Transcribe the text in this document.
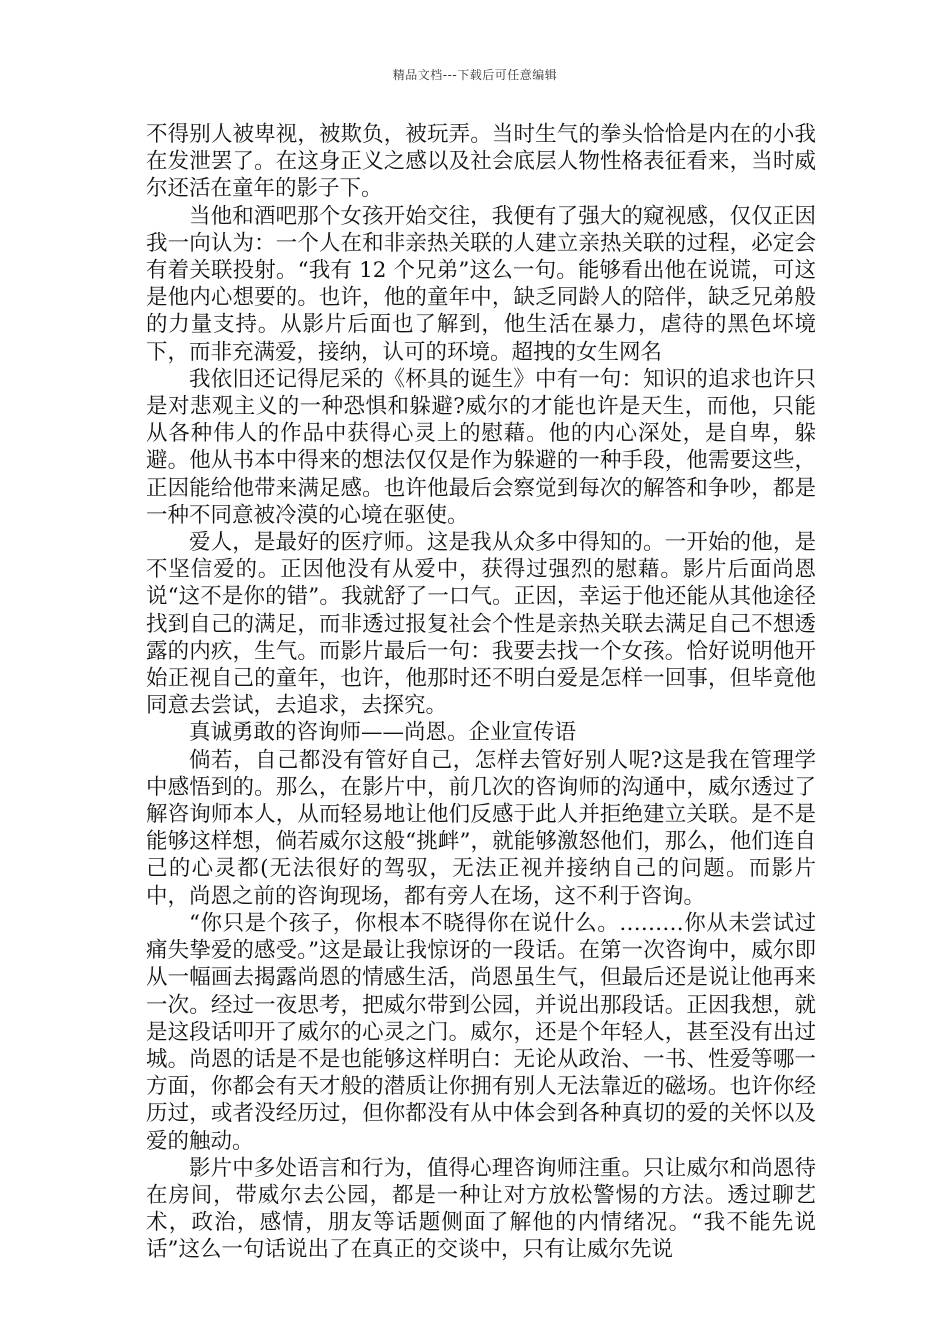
精品文档---下载后可任意编辑

不得别人被卑视，被欺负，被玩弄。当时生气的拳头恰恰是内在的小我在发泄罢了。在这身正义之感以及社会底层人物性格表征看来，当时威尔还活在童年的影子下。

当他和酒吧那个女孩开始交往，我便有了强大的窥视感，仅仅正因我一向认为：一个人在和非亲热关联的人建立亲热关联的过程，必定会有着关联投射。“我有 12 个兄弟”这么一句。能够看出他在说谎，可这是他内心想要的。也许，他的童年中，缺乏同龄人的陪伴，缺乏兄弟般的力量支持。从影片后面也了解到，他生活在暴力，虐待的黑色坏境下，而非充满爱，接纳，认可的环境。超拽的女生网名

我依旧还记得尼采的《杯具的诞生》中有一句：知识的追求也许只是对悲观主义的一种恐惧和躲避?威尔的才能也许是天生，而他，只能从各种伟人的作品中获得心灵上的慰藉。他的内心深处，是自卑，躲避。他从书本中得来的想法仅仅是作为躲避的一种手段，他需要这些，正因能给他带来满足感。也许他最后会察觉到每次的解答和争吵，都是一种不同意被冷漠的心境在驱使。

爱人，是最好的医疗师。这是我从众多中得知的。一开始的他，是不坚信爱的。正因他没有从爱中，获得过强烈的慰藉。影片后面尚恩说“这不是你的错”。我就舒了一口气。正因，幸运于他还能从其他途径找到自己的满足，而非透过报复社会个性是亲热关联去满足自己不想透露的内疚，生气。而影片最后一句：我要去找一个女孩。恰好说明他开始正视自己的童年，也许，他那时还不明白爱是怎样一回事，但毕竟他同意去尝试，去追求，去探究。

真诚勇敢的咨询师——尚恩。企业宣传语

倘若，自己都没有管好自己，怎样去管好别人呢?这是我在管理学中感悟到的。那么，在影片中，前几次的咨询师的沟通中，威尔透过了解咨询师本人，从而轻易地让他们反感于此人并拒绝建立关联。是不是能够这样想，倘若威尔这般“挑衅”，就能够激怒他们，那么，他们连自己的心灵都(无法很好的驾驭，无法正视并接纳自己的问题。而影片中，尚恩之前的咨询现场，都有旁人在场，这不利于咨询。

“你只是个孩子，你根本不晓得你在说什么。………你从未尝试过痛失挚爱的感受。”这是最让我惊讶的一段话。在第一次咨询中，威尔即从一幅画去揭露尚恩的情感生活，尚恩虽生气，但最后还是说让他再来一次。经过一夜思考，把威尔带到公园，并说出那段话。正因我想，就是这段话叩开了威尔的心灵之门。威尔，还是个年轻人，甚至没有出过城。尚恩的话是不是也能够这样明白：无论从政治、一书、性爱等哪一方面，你都会有天才般的潜质让你拥有别人无法靠近的磁场。也许你经历过，或者没经历过，但你都没有从中体会到各种真切的爱的关怀以及爱的触动。

影片中多处语言和行为，值得心理咨询师注重。只让威尔和尚恩待在房间，带威尔去公园，都是一种让对方放松警惕的方法。透过聊艺术，政治，感情，朋友等话题侧面了解他的内情绪况。“我不能先说话”这么一句话说出了在真正的交谈中，只有让威尔先说
